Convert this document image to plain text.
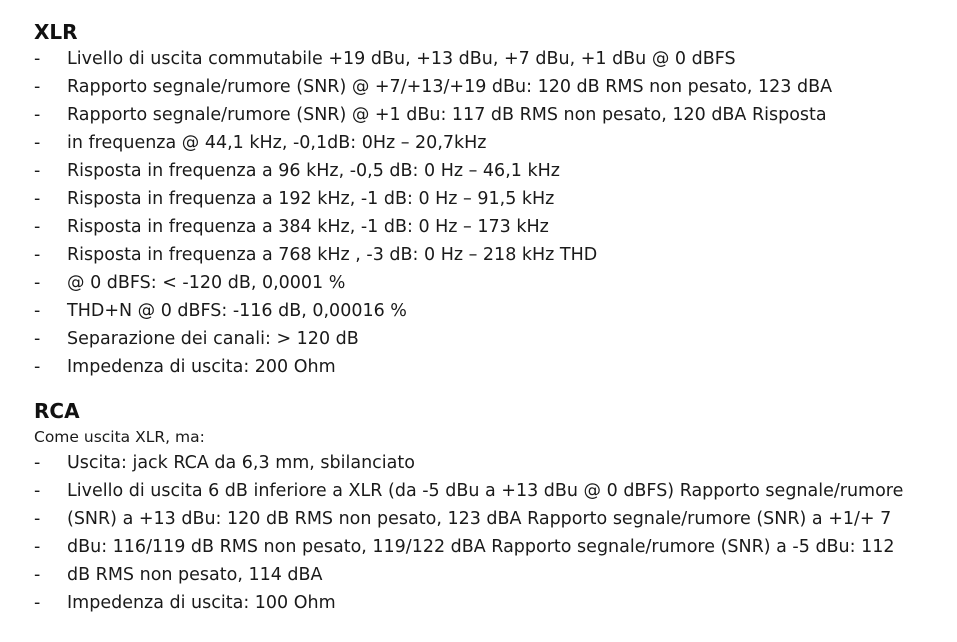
XLR
-	Livello di uscita commutabile +19 dBu, +13 dBu, +7 dBu, +1 dBu @ 0 dBFS
-	Rapporto segnale/rumore (SNR) @ +7/+13/+19 dBu: 120 dB RMS non pesato, 123 dBA
-	Rapporto segnale/rumore (SNR) @ +1 dBu: 117 dB RMS non pesato, 120 dBA Risposta
-	in frequenza @ 44,1 kHz, -0,1dB: 0Hz – 20,7kHz
-	Risposta in frequenza a 96 kHz, -0,5 dB: 0 Hz – 46,1 kHz
-	Risposta in frequenza a 192 kHz, -1 dB: 0 Hz – 91,5 kHz
-	Risposta in frequenza a 384 kHz, -1 dB: 0 Hz – 173 kHz
-	Risposta in frequenza a 768 kHz , -3 dB: 0 Hz – 218 kHz THD
-	@ 0 dBFS: < -120 dB, 0,0001 %
-	THD+N @ 0 dBFS: -116 dB, 0,00016 %
-	Separazione dei canali: > 120 dB
-	Impedenza di uscita: 200 Ohm
RCA

Come uscita XLR, ma:

-	Uscita: jack RCA da 6,3 mm, sbilanciato
-	Livello di uscita 6 dB inferiore a XLR (da -5 dBu a +13 dBu @ 0 dBFS) Rapporto segnale/rumore
-	(SNR) a +13 dBu: 120 dB RMS non pesato, 123 dBA Rapporto segnale/rumore (SNR) a +1/+ 7
-	dBu: 116/119 dB RMS non pesato, 119/122 dBA Rapporto segnale/rumore (SNR) a -5 dBu: 112
-	dB RMS non pesato, 114 dBA
-	Impedenza di uscita: 100 Ohm
